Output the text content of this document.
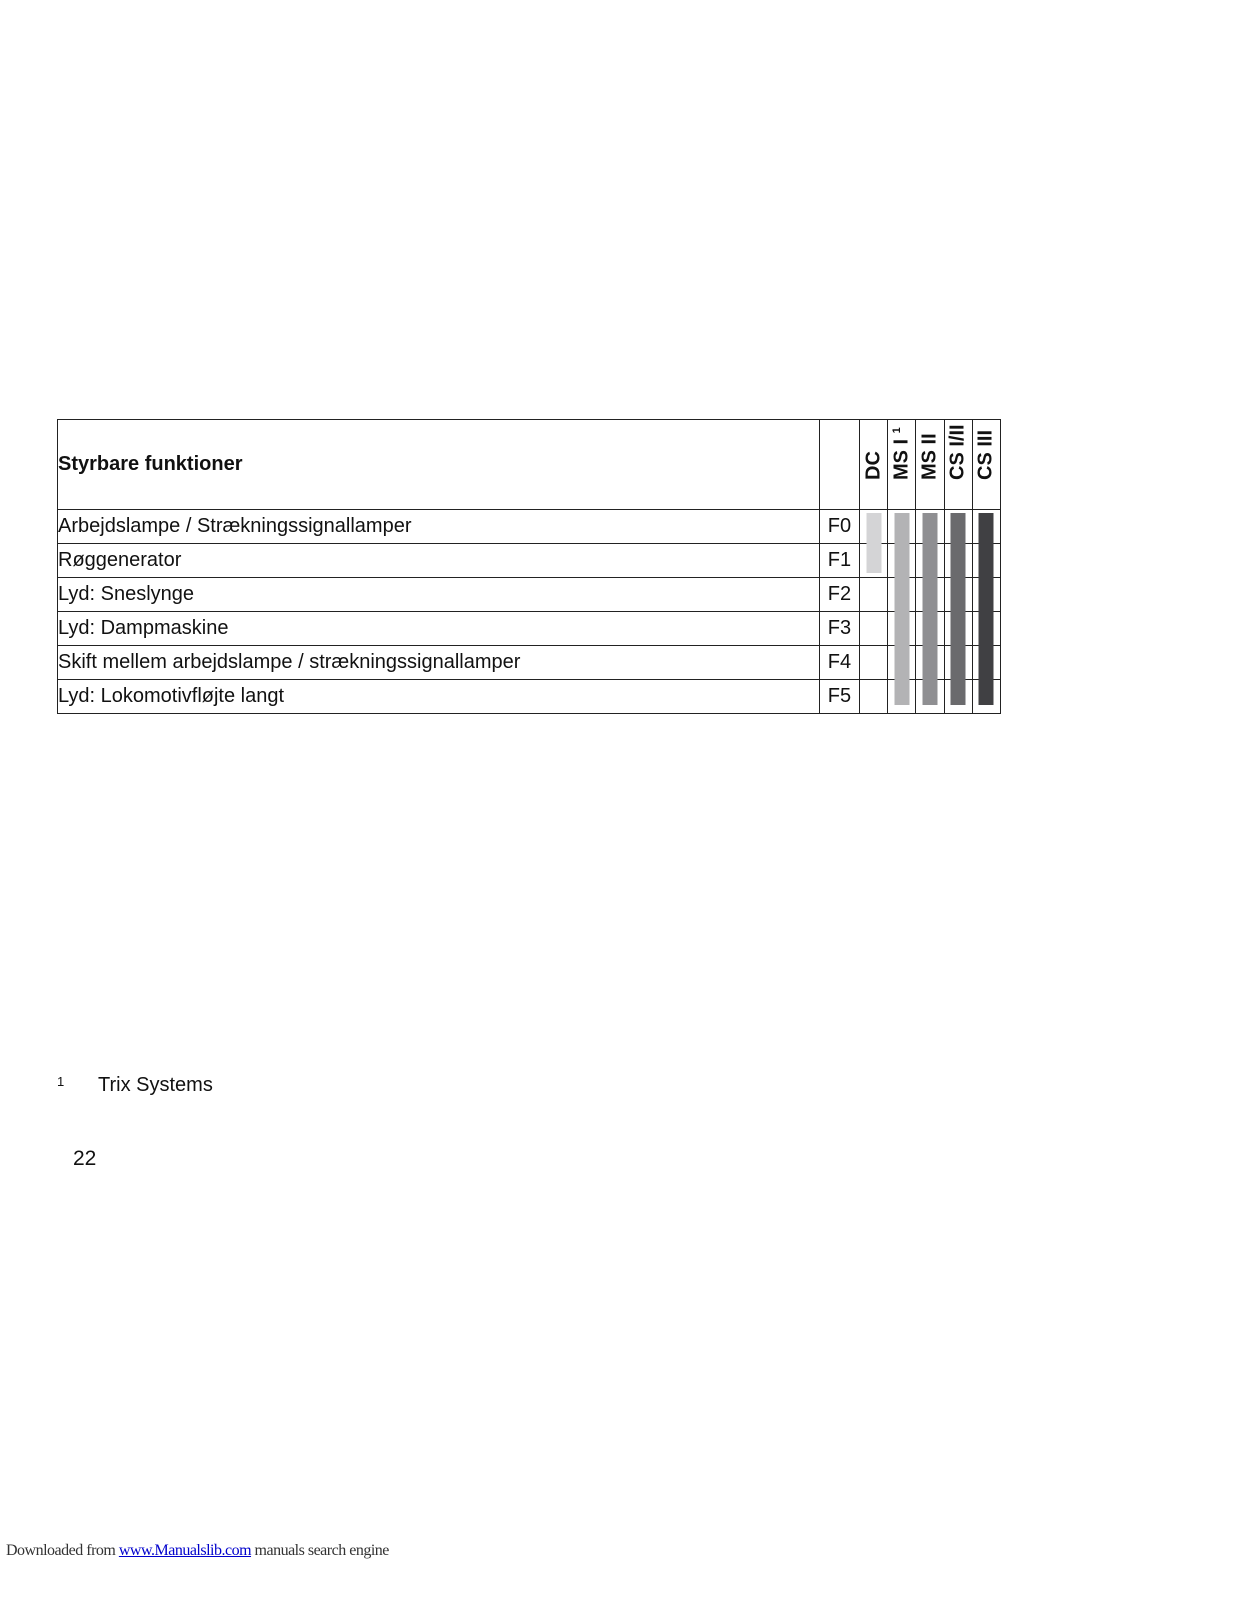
Styrbare funktioner		DC	MS I $^1$	MS II	CS I/II	CS III

Arbejdslampe / Strækningssignallamper	F0	

Røggenerator	F1					
Lyd: Sneslynge	F2					
Lyd: Dampmaskine	F3					
Skift mellem arbejdslampe / strækningssignallamper	F4					
Lyd: Lokomotivfløjte langt	F5					
1 Trix Systems
22
Downloaded from www.Manualslib.com manuals search engine
